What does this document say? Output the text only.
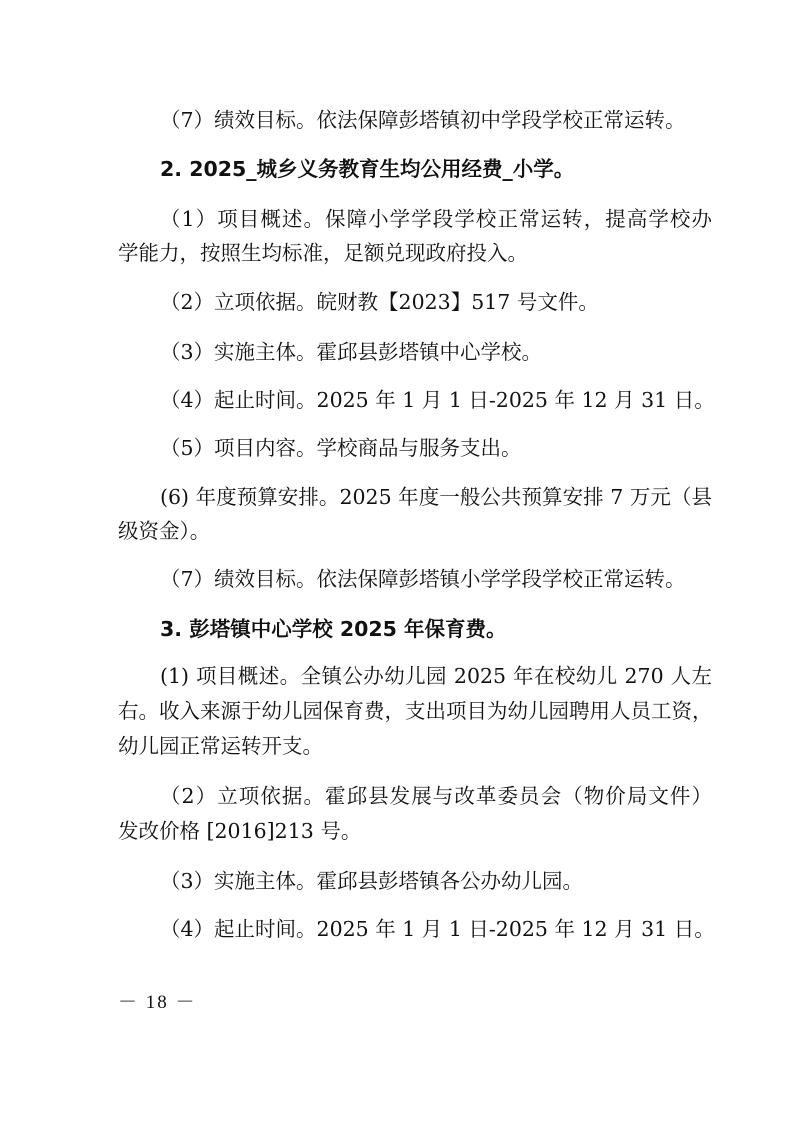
（7）绩效目标。依法保障彭塔镇初中学段学校正常运转。

2. 2025_城乡义务教育生均公用经费_小学。

（1）项目概述。保障小学学段学校正常运转，提高学校办

学能力，按照生均标准，足额兑现政府投入。

（2）立项依据。皖财教【2023】517 号文件。

（3）实施主体。霍邱县彭塔镇中心学校。

（4）起止时间。2025 年 1 月 1 日-2025 年 12 月 31 日。

（5）项目内容。学校商品与服务支出。

(6) 年度预算安排。2025 年度一般公共预算安排 7 万元（县

级资金）。

（7）绩效目标。依法保障彭塔镇小学学段学校正常运转。

3. 彭塔镇中心学校 2025 年保育费。

(1) 项目概述。全镇公办幼儿园 2025 年在校幼儿 270 人左

右。收入来源于幼儿园保育费，支出项目为幼儿园聘用人员工资，

幼儿园正常运转开支。

（2）立项依据。霍邱县发展与改革委员会（物价局文件）

发改价格 [2016]213 号。

（3）实施主体。霍邱县彭塔镇各公办幼儿园。

（4）起止时间。2025 年 1 月 1 日-2025 年 12 月 31 日。

－ 18 －
